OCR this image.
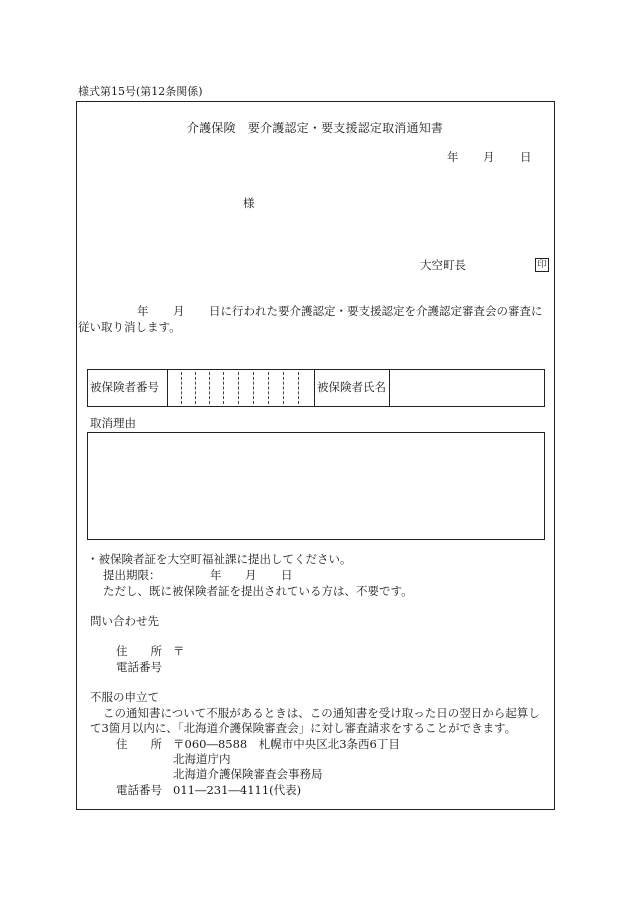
様式第15号(第12条関係)
介護保険　要介護認定・要支援認定取消通知書
年 月 日
様
大空町長	印
年 月 日に行われた要介護認定・要支援認定を介護認定審査会の審査に
従い取り消します。
被保険者番号	被保険者氏名
取消理由
・被保険者証を大空町福祉課に提出してください。
提出期限：	年 月 日
ただし、既に被保険者証を提出されている方は、不要です。
問い合わせ先
住　　所 〒
電話番号
不服の申立て
この通知書について不服があるときは、この通知書を受け取った日の翌日から起算し
て3箇月以内に、「北海道介護保険審査会」に対し審査請求をすることができます。
住　　所 〒060―8588　札幌市中央区北3条西6丁目
北海道庁内
北海道介護保険審査会事務局
電話番号 011―231―4111(代表)
